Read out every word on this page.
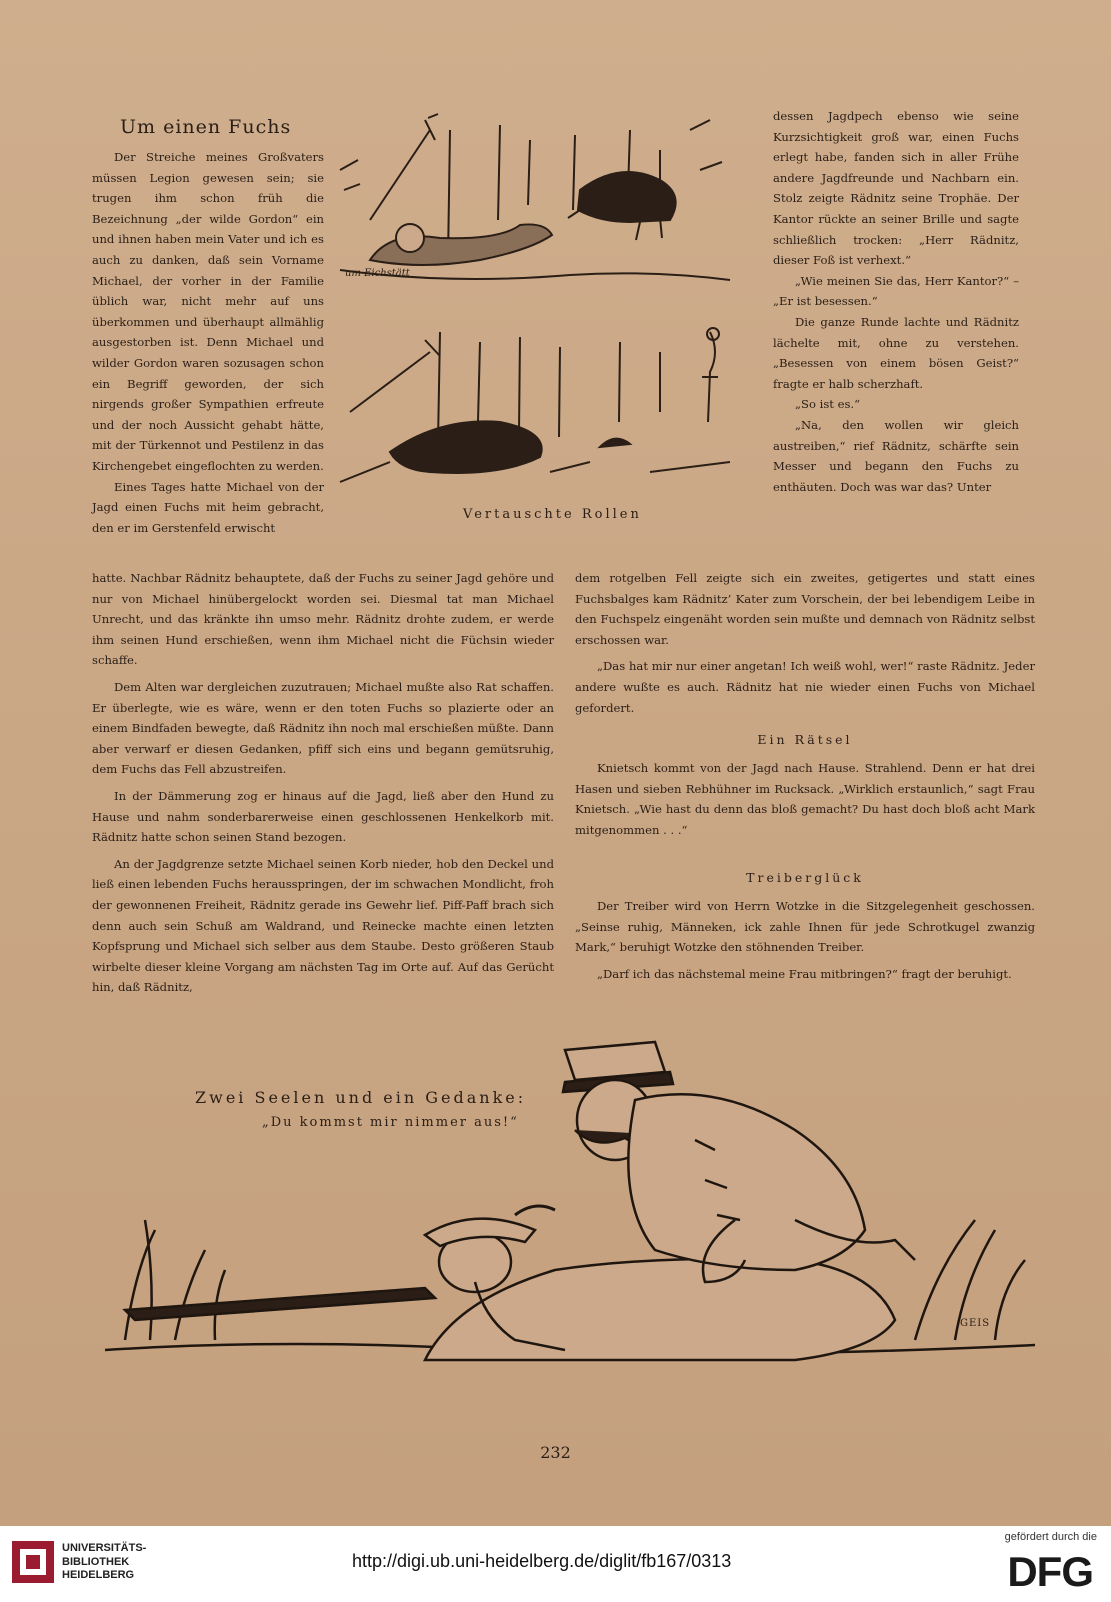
Um einen Fuchs
um Eichstätt
Vertauschte Rollen

Der Streiche meines Großvaters müssen Legion gewesen sein; sie trugen ihm schon früh die Bezeichnung „der wilde Gordon“ ein und ihnen haben mein Vater und ich es auch zu danken, daß sein Vorname Michael, der vorher in der Familie üblich war, nicht mehr auf uns überkommen und überhaupt allmählig ausgestorben ist. Denn Michael und wilder Gordon waren sozusagen schon ein Begriff geworden, der sich nirgends großer Sympathien erfreute und der noch Aussicht gehabt hätte, mit der Türkennot und Pestilenz in das Kirchengebet eingeflochten zu werden.

Eines Tages hatte Michael von der Jagd einen Fuchs mit heim gebracht, den er im Gerstenfeld erwischt

dessen Jagdpech ebenso wie seine Kurzsichtigkeit groß war, einen Fuchs erlegt habe, fanden sich in aller Frühe andere Jagdfreunde und Nachbarn ein. Stolz zeigte Rädnitz seine Trophäe. Der Kantor rückte an seiner Brille und sagte schließlich trocken: „Herr Rädnitz, dieser Foß ist verhext.“

„Wie meinen Sie das, Herr Kantor?“ – „Er ist besessen.“

Die ganze Runde lachte und Rädnitz lächelte mit, ohne zu verstehen. „Besessen von einem bösen Geist?“ fragte er halb scherzhaft.

„So ist es.“

„Na, den wollen wir gleich austreiben,“ rief Rädnitz, schärfte sein Messer und begann den Fuchs zu enthäuten. Doch was war das? Unter

hatte. Nachbar Rädnitz behauptete, daß der Fuchs zu seiner Jagd gehöre und nur von Michael hinübergelockt worden sei. Diesmal tat man Michael Unrecht, und das kränkte ihn umso mehr. Rädnitz drohte zudem, er werde ihm seinen Hund erschießen, wenn ihm Michael nicht die Füchsin wieder schaffe.

Dem Alten war dergleichen zuzutrauen; Michael mußte also Rat schaffen. Er überlegte, wie es wäre, wenn er den toten Fuchs so plazierte oder an einem Bindfaden bewegte, daß Rädnitz ihn noch mal erschießen müßte. Dann aber verwarf er diesen Gedanken, pfiff sich eins und begann gemütsruhig, dem Fuchs das Fell abzustreifen.

In der Dämmerung zog er hinaus auf die Jagd, ließ aber den Hund zu Hause und nahm sonderbarerweise einen geschlossenen Henkelkorb mit. Rädnitz hatte schon seinen Stand bezogen.

An der Jagdgrenze setzte Michael seinen Korb nieder, hob den Deckel und ließ einen lebenden Fuchs herausspringen, der im schwachen Mondlicht, froh der gewonnenen Freiheit, Rädnitz gerade ins Gewehr lief. Piff-Paff brach sich denn auch sein Schuß am Waldrand, und Reinecke machte einen letzten Kopfsprung und Michael sich selber aus dem Staube. Desto größeren Staub wirbelte dieser kleine Vorgang am nächsten Tag im Orte auf. Auf das Gerücht hin, daß Rädnitz,

dem rotgelben Fell zeigte sich ein zweites, getigertes und statt eines Fuchsbalges kam Rädnitz’ Kater zum Vorschein, der bei lebendigem Leibe in den Fuchspelz eingenäht worden sein mußte und demnach von Rädnitz selbst erschossen war.

„Das hat mir nur einer angetan! Ich weiß wohl, wer!“ raste Rädnitz. Jeder andere wußte es auch. Rädnitz hat nie wieder einen Fuchs von Michael gefordert.

Ein Rätsel

Knietsch kommt von der Jagd nach Hause. Strahlend. Denn er hat drei Hasen und sieben Rebhühner im Rucksack. „Wirklich erstaunlich,“ sagt Frau Knietsch. „Wie hast du denn das bloß gemacht? Du hast doch bloß acht Mark mitgenommen . . .“

Treiberglück

Der Treiber wird von Herrn Wotzke in die Sitzgelegenheit geschossen. „Seinse ruhig, Männeken, ick zahle Ihnen für jede Schrotkugel zwanzig Mark,“ beruhigt Wotzke den stöhnenden Treiber.

„Darf ich das nächstemal meine Frau mitbringen?“ fragt der beruhigt.

Zwei Seelen und ein Gedanke:
„Du kommst mir nimmer aus!“
GEIS
232
UNIVERSITÄTS-
BIBLIOTHEK
HEIDELBERG
http://digi.ub.uni-heidelberg.de/diglit/fb167/0313
gefördert durch die
DFG
